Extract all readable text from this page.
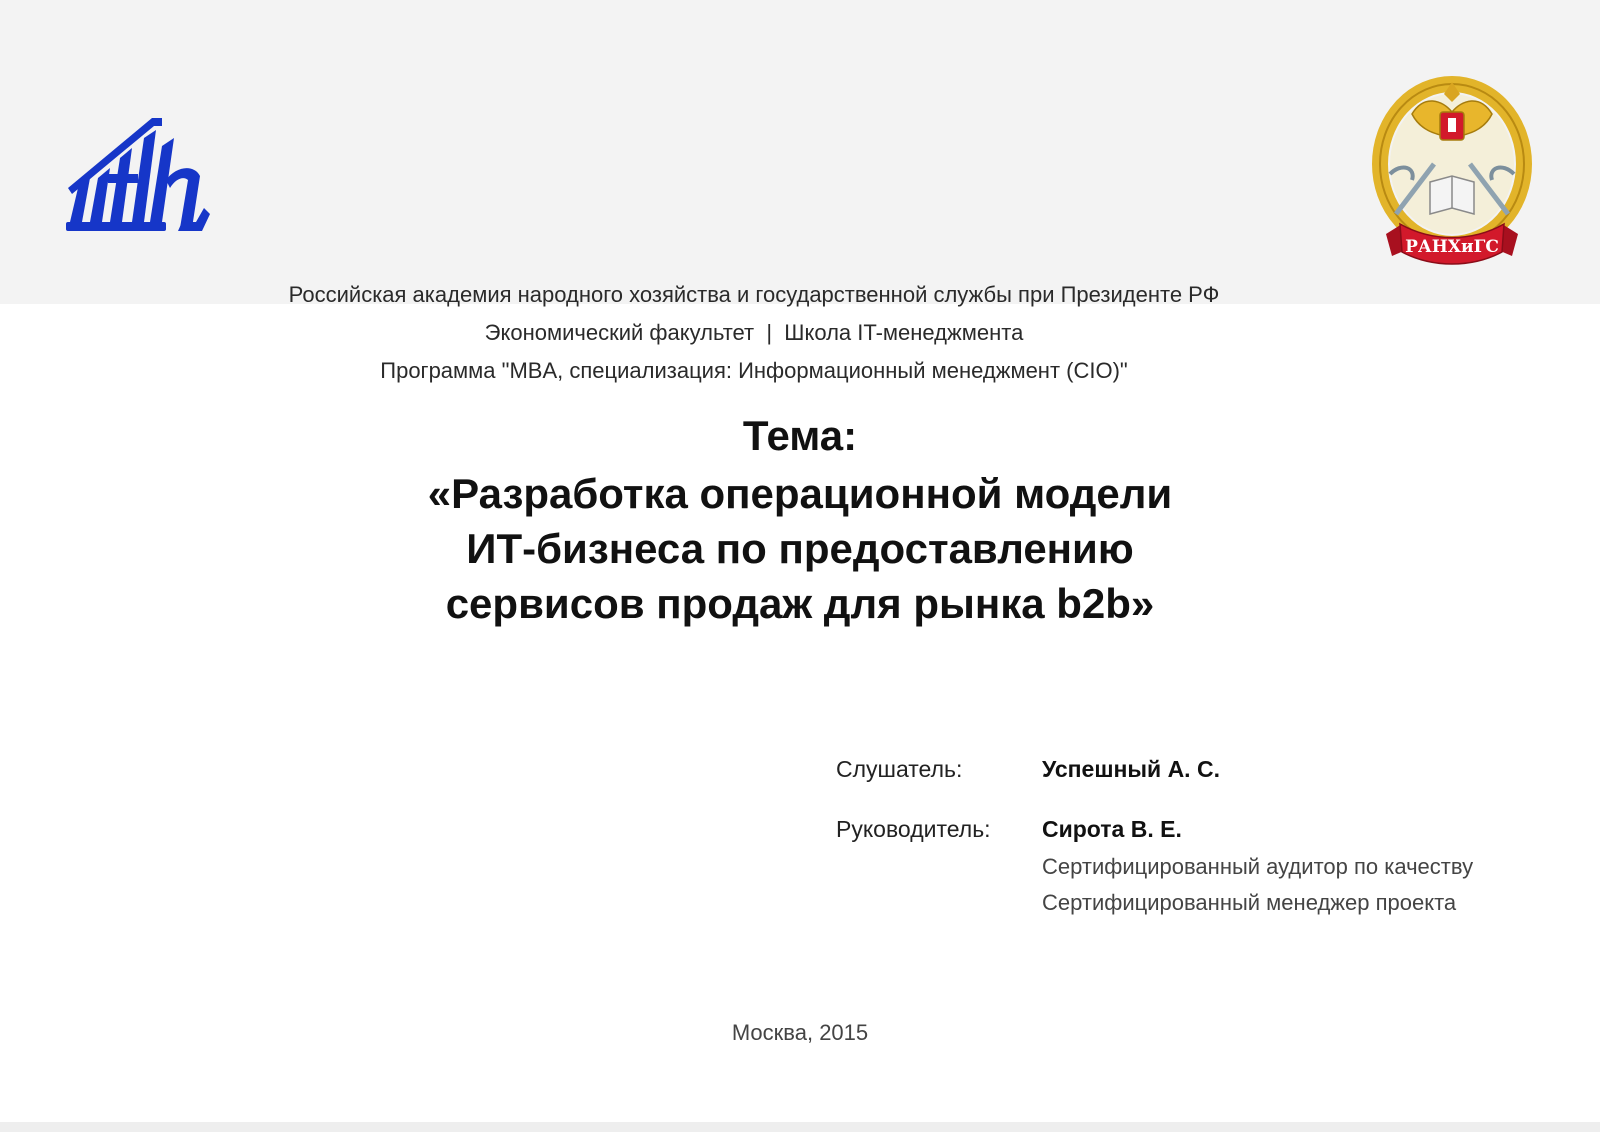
РАНХиГС
Российская академия народного хозяйства и государственной службы при Президенте РФ
Экономический факультет  |  Школа IT-менеджмента
Программа "MBA, специализация: Информационный менеджмент (CIO)"
Тема:
«Разработка операционной модели
ИТ-бизнеса по предоставлению
сервисов продаж для рынка b2b»
Слушатель:	Успешный А. С.
Руководитель: Сирота В. Е.
Сертифицированный аудитор по качеству
Сертифицированный менеджер проекта
Москва, 2015
